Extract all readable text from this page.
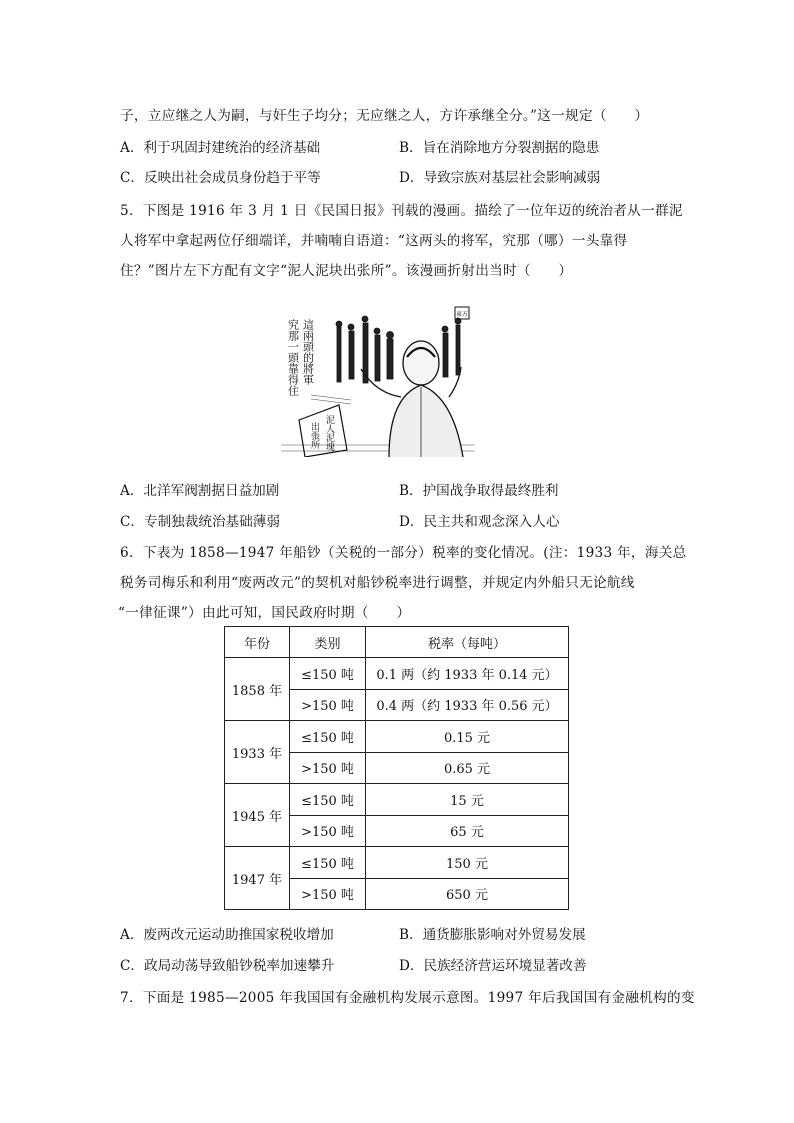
子，立应继之人为嗣，与奸生子均分；无应继之人，方许承继全分。”这一规定（　　）
A．利于巩固封建统治的经济基础	B．旨在消除地方分裂割据的隐患
C．反映出社会成员身份趋于平等	D．导致宗族对基层社会影响减弱
5．下图是 1916 年 3 月 1 日《民国日报》刊载的漫画。描绘了一位年迈的统治者从一群泥
人将军中拿起两位仔细端详，并喃喃自语道：“这两头的将军，究那（哪）一头靠得
住？”图片左下方配有文字“泥人泥块出张所”。该漫画折射出当时（　　）
這兩頭的將軍
究那一頭靠得住
泥人泥塊
出張所
東方
A．北洋军阀割据日益加剧	B．护国战争取得最终胜利
C．专制独裁统治基础薄弱	D．民主共和观念深入人心
6．下表为 1858—1947 年船钞（关税的一部分）税率的变化情况。(注：1933 年，海关总
税务司梅乐和利用“废两改元”的契机对船钞税率进行调整，并规定内外船只无论航线
“一律征课”）由此可知，国民政府时期（　　）
年份	类别	税率（每吨）
1858 年	≤150 吨	0.1 两（约 1933 年 0.14 元）
	>150 吨	0.4 两（约 1933 年 0.56 元）
1933 年	≤150 吨	0.15 元
	>150 吨	0.65 元
1945 年	≤150 吨	15 元
	>150 吨	65 元
1947 年	≤150 吨	150 元
	>150 吨	650 元
A．废两改元运动助推国家税收增加	B．通货膨胀影响对外贸易发展
C．政局动荡导致船钞税率加速攀升	D．民族经济营运环境显著改善
7．下面是 1985—2005 年我国国有金融机构发展示意图。1997 年后我国国有金融机构的变
